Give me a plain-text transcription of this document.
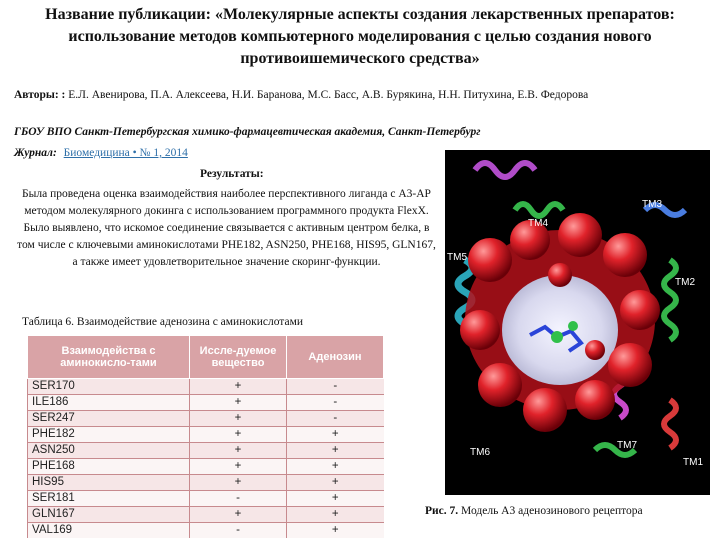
Название публикации: «Молекулярные аспекты создания лекарственных препаратов: использование методов компьютерного моделирования с целью создания нового противоишемического средства»
Авторы: : Е.Л. Авенирова, П.А. Алексеева, Н.И. Баранова, М.С. Басс, А.В. Бурякина, Н.Н. Питухина, Е.В. Федорова
ГБОУ ВПО Санкт-Петербургская химико-фармацевтическая академия, Санкт-Петербург
Журнал: Биомедицина • № 1, 2014
Результаты:
Была проведена оценка взаимодействия наиболее перспективного лиганда с A3-AP методом молекулярного докинга с использованием программного продукта FlexX. Было выявлено, что искомое соединение связывается с активным центром белка, в том числе с ключевыми аминокислотами PHE182, ASN250, PHE168, HIS95, GLN167, а также имеет удовлетворительное значение скоринг-функции.
Таблица 6. Взаимодействие аденозина с аминокислотами
Взаимодейства с аминокисло-тами	Иссле-дуемое вещество	Аденозин
SER170	+	-
ILE186	+	-
SER247	+	-
PHE182	+	+
ASN250	+	+
PHE168	+	+
HIS95	+	+
SER181	-	+
GLN167	+	+
VAL169	-	+
TM3
TM4
TM5
TM2
TM6
TM7
TM1
Рис. 7. Модель A3 аденозинового рецептора
